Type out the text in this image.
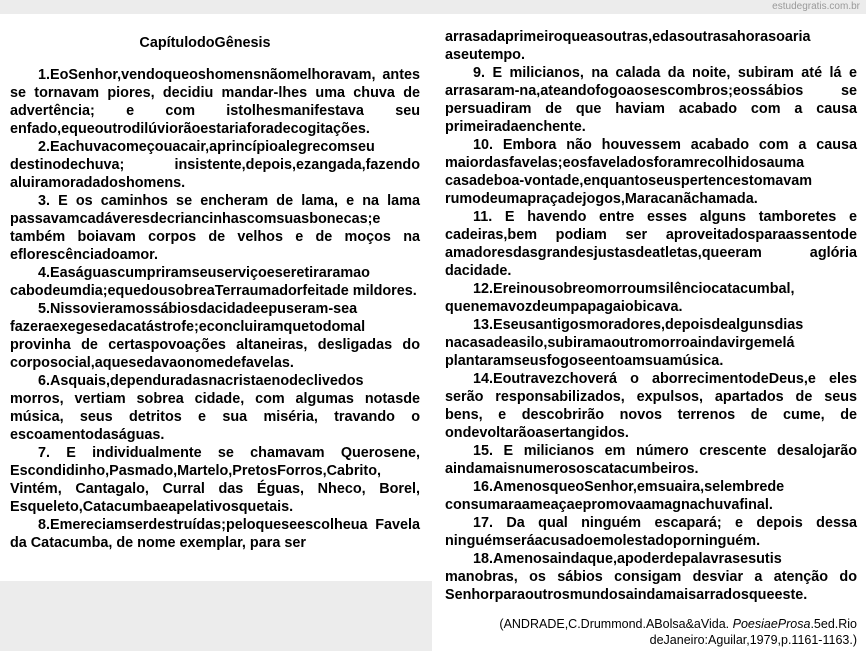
estudegratis.com.br
CapítulodoGênesis

1.EoSenhor,vendoqueoshomensnãomelhoravam, antes se tornavam piores, decidiu mandar-lhes uma chuva de advertência; e com istolhesmanifestava seu enfado,equeoutrodilúviorãoestariaforadecogitações.

2.Eachuvacomeçouacair,aprincípioalegrecomseu destinodechuva; insistente,depois,ezangada,fazendo aluiramoradadoshomens.

3. E os caminhos se encheram de lama, e na lama passavamcadáveresdecriancinhascomsuasbonecas;e também boiavam corpos de velhos e de moços na eflorescênciadoamor.

4.Easáguascumpriramseuserviçoeseretiraramao cabodeumdia;equedousobreaTerraumadorfeitade mildores.

5.Nissovieramossábiosdacidadeepuseram-sea fazeraexegesedacatástrofe;econcluiramquetodomal provinha de certaspovoações altaneiras, desligadas do corposocial,aquesedavaonomedefavelas.

6.Asquais,dependuradasnacristaenodeclivedos morros, vertiam sobrea cidade, com algumas notasde música, seus detritos e sua miséria, travando o escoamentodaságuas.

7. E individualmente se chamavam Querosene, Escondidinho,Pasmado,Martelo,PretosForros,Cabrito, Vintém, Cantagalo, Curral das Éguas, Nheco, Borel, Esqueleto,Catacumbaeapelativosquetais.

8.Emereciamserdestruídas;peloqueseescolheua Favela da Catacumba, de nome exemplar, para ser

arrasadaprimeiroqueasoutras,edasoutrasahorasoaria aseutempo.

9. E milicianos, na calada da noite, subiram até lá e arrasaram-na,ateandofogoaosescombros;eossábios se persuadiram de que haviam acabado com a causa primeiradaenchente.

10. Embora não houvessem acabado com a causa maiordasfavelas;eosfaveladosforamrecolhidosauma casadeboa-vontade,enquantoseuspertencestomavam rumodeumapraçadejogos,Maracanãchamada.

11. E havendo entre esses alguns tamboretes e cadeiras,bem podiam ser aproveitadosparaassentode amadoresdasgrandesjustasdeatletas,queeram aglória dacidade.

12.Ereinousobreomorroumsilênciocatacumbal, quenemavozdeumpapagaiobicava.

13.Eseusantigosmoradores,depoisdealgunsdias nacasadeasilo,subiramaoutromorroaindavirgemelá plantaramseusfogoseentoamsuamúsica.

14.Eoutravezchoverá o aborrecimentodeDeus,e eles serão responsabilizados, expulsos, apartados de seus bens, e descobrirão novos terrenos de cume, de ondevoltarãoasertangidos.

15. E milicianos em número crescente desalojarão aindamaisnumerososcatacumbeiros.

16.AmenosqueoSenhor,emsuaira,selembrede consumaraameaçaepromovaamagnachuvafinal.

17. Da qual ninguém escapará; e depois dessa ninguémseráacusadoemolestadoporninguém.

18.Amenosaindaque,apoderdepalavrasesutis manobras, os sábios consigam desviar a atenção do Senhorparaoutrosmundosaindamaisarradosqueeste.

(ANDRADE,C.Drummond.ABolsa&aVida. PoesiaeProsa.5ed.Rio deJaneiro:Aguilar,1979,p.1161-1163.)
